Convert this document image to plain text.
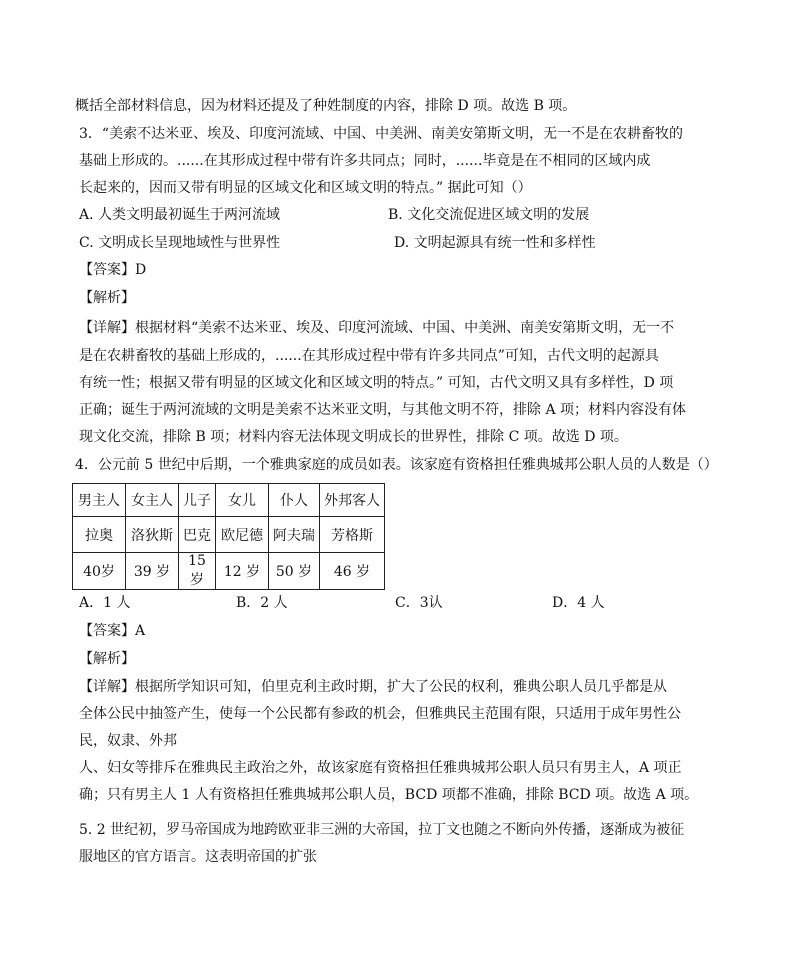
概括全部材料信息，因为材料还提及了种姓制度的内容，排除 D 项。故选 B 项。
3．“美索不达米亚、埃及、印度河流域、中国、中美洲、南美安第斯文明，无一不是在农耕畜牧的
基础上形成的。......在其形成过程中带有许多共同点；同时，......毕竟是在不相同的区域内成
长起来的，因而又带有明显的区域文化和区域文明的特点。” 据此可知（）
A. 人类文明最初诞生于两河流域	B. 文化交流促进区域文明的发展
C. 文明成长呈现地域性与世界性	D. 文明起源具有统一性和多样性
【答案】D
【解析】
【详解】根据材料“美索不达米亚、埃及、印度河流域、中国、中美洲、南美安第斯文明，无一不
是在农耕畜牧的基础上形成的，......在其形成过程中带有许多共同点”可知，古代文明的起源具
有统一性；根据又带有明显的区域文化和区域文明的特点。” 可知，古代文明又具有多样性，D 项
正确；诞生于两河流域的文明是美索不达米亚文明，与其他文明不符，排除 A 项；材料内容没有体
现文化交流，排除 B 项；材料内容无法体现文明成长的世界性，排除 C 项。故选 D 项。
4．公元前 5 世纪中后期，一个雅典家庭的成员如表。该家庭有资格担任雅典城邦公职人员的人数是（）
男主人	女主人	儿子	女儿	仆人	外邦客人
拉奥	洛狄斯	巴克	欧尼德	阿夫瑞	芳格斯
40岁	39 岁	15 岁	12 岁	50 岁	46 岁
A．1 人	B．2 人	C．3认	D．4 人
【答案】A
【解析】
【详解】根据所学知识可知，伯里克利主政时期，扩大了公民的权利，雅典公职人员几乎都是从
全体公民中抽签产生，使每一个公民都有参政的机会，但雅典民主范围有限，只适用于成年男性公
民，奴隶、外邦
人、妇女等排斥在雅典民主政治之外，故该家庭有资格担任雅典城邦公职人员只有男主人，A 项正
确；只有男主人 1 人有资格担任雅典城邦公职人员，BCD 项都不准确，排除 BCD 项。故选 A 项。
5. 2 世纪初，罗马帝国成为地跨欧亚非三洲的大帝国，拉丁文也随之不断向外传播，逐渐成为被征
服地区的官方语言。这表明帝国的扩张
